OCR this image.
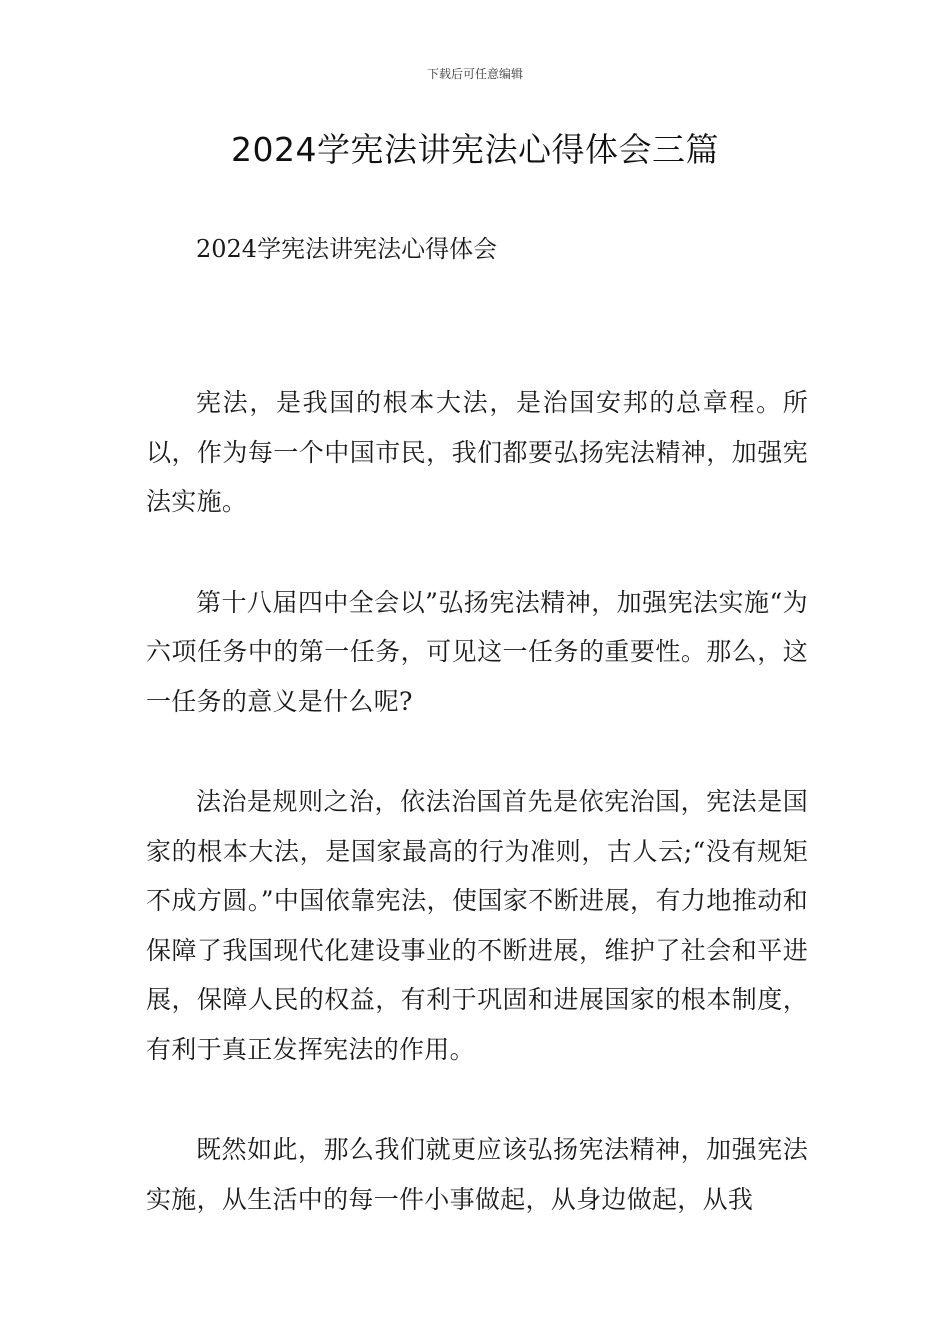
下载后可任意编辑
2024学宪法讲宪法心得体会三篇
2024学宪法讲宪法心得体会

宪法，是我国的根本大法，是治国安邦的总章程。所以，作为每一个中国市民，我们都要弘扬宪法精神，加强宪法实施。

第十八届四中全会以”弘扬宪法精神，加强宪法实施“为六项任务中的第一任务，可见这一任务的重要性。那么，这一任务的意义是什么呢?

法治是规则之治，依法治国首先是依宪治国，宪法是国家的根本大法，是国家最高的行为准则，古人云;“没有规矩不成方圆。”中国依靠宪法，使国家不断进展，有力地推动和保障了我国现代化建设事业的不断进展，维护了社会和平进展，保障人民的权益，有利于巩固和进展国家的根本制度，有利于真正发挥宪法的作用。

既然如此，那么我们就更应该弘扬宪法精神，加强宪法实施，从生活中的每一件小事做起，从身边做起，从我
